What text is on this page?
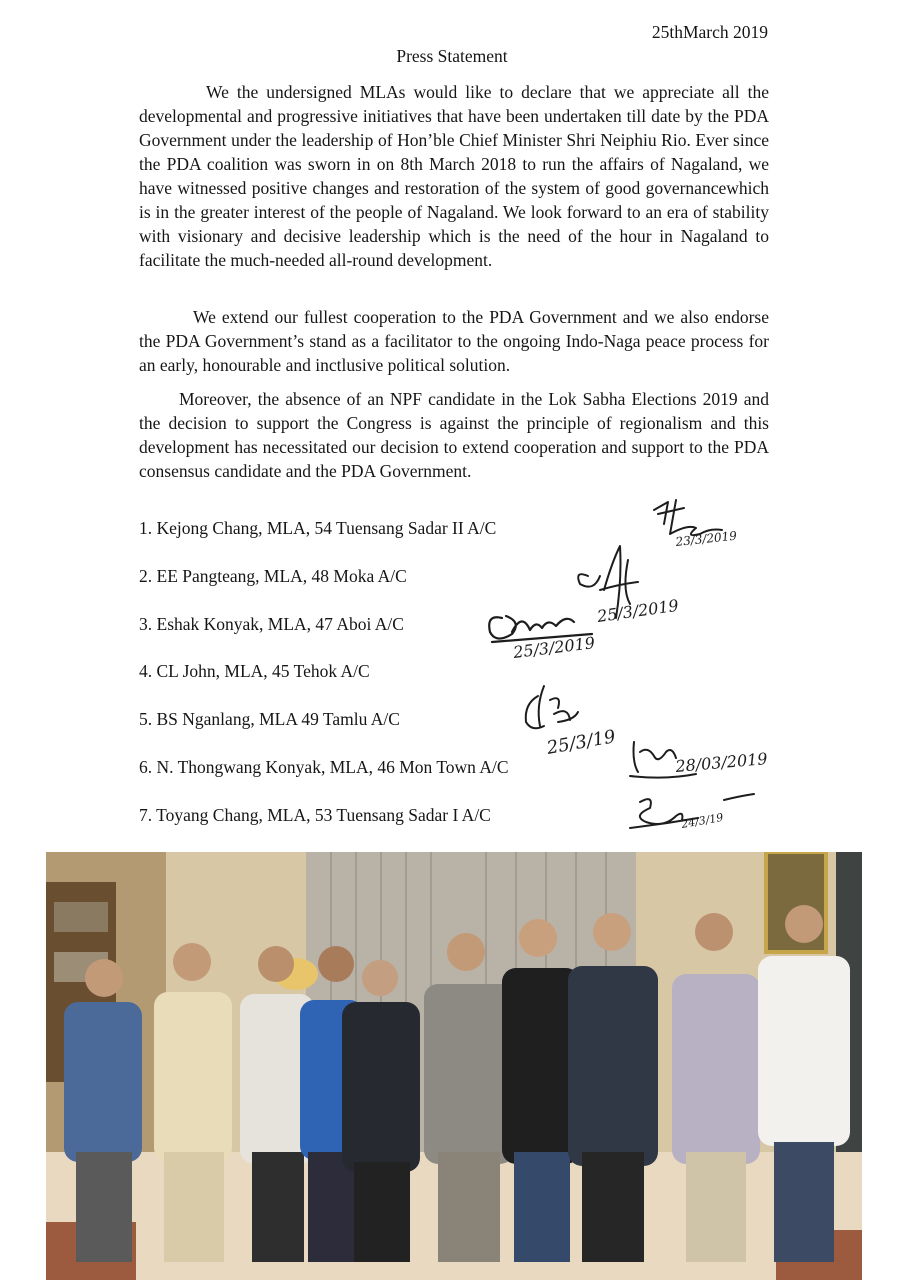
25thMarch 2019
Press Statement

We the undersigned MLAs would like to declare that we appreciate all the developmental and progressive initiatives that have been undertaken till date by the PDA Government under the leadership of Hon’ble Chief Minister Shri Neiphiu Rio. Ever since the PDA coalition was sworn in on 8th March 2018 to run the affairs of Nagaland, we have witnessed positive changes and restoration of the system of good governancewhich is in the greater interest of the people of Nagaland. We look forward to an era of stability with visionary and decisive leadership which is the need of the hour in Nagaland to facilitate the much-needed all-round development.

We extend our fullest cooperation to the PDA Government and we also endorse the PDA Government’s stand as a facilitator to the ongoing Indo-Naga peace process for an early, honourable and inctlusive political solution.

Moreover, the absence of an NPF candidate in the Lok Sabha Elections 2019 and the decision to support the Congress is against the principle of regionalism and this development has necessitated our decision to extend cooperation and support to the PDA consensus candidate and the PDA Government.

1. Kejong Chang, MLA, 54 Tuensang Sadar II A/C
2. EE Pangteang, MLA, 48 Moka A/C
3. Eshak Konyak, MLA, 47 Aboi A/C
4. CL John, MLA, 45 Tehok A/C
5. BS Nganlang, MLA 49 Tamlu A/C
6. N. Thongwang Konyak, MLA, 46 Mon Town A/C
7. Toyang Chang, MLA, 53 Tuensang Sadar I A/C
23/3/2019
25/3/2019
25/3/2019
25/3/19
28/03/2019
24/3/19
